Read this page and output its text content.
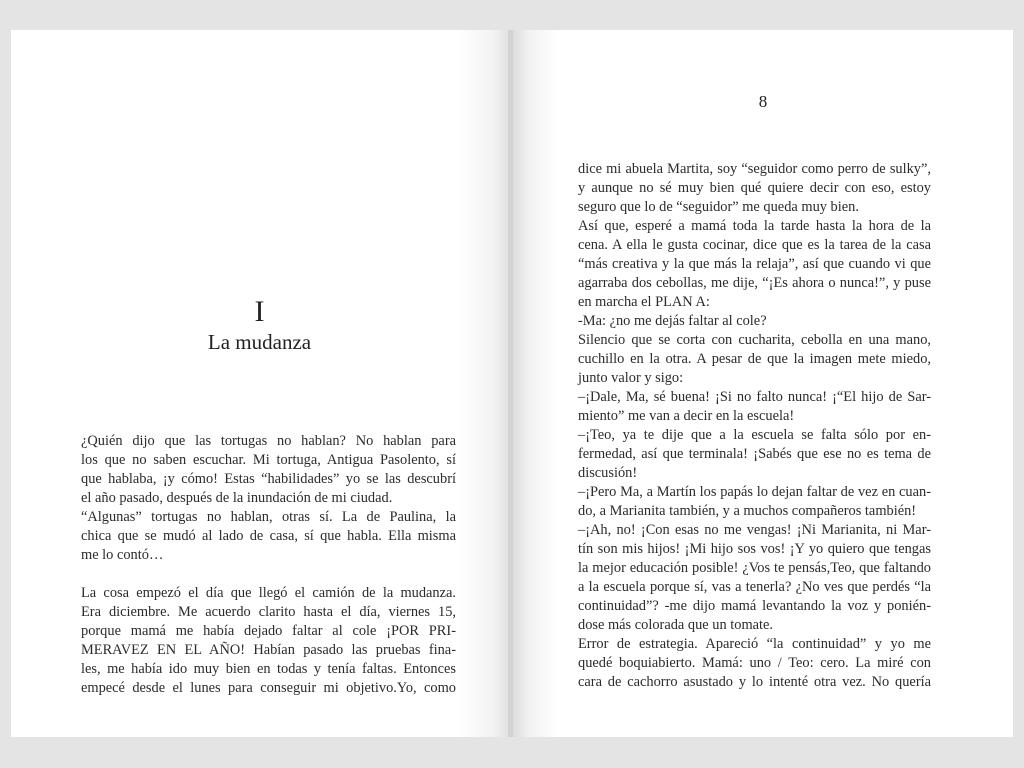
I
La mudanza

¿Quién dijo que las tortugas no hablan? No hablan para

los que no saben escuchar. Mi tortuga, Antigua Pasolento, sí

que hablaba, ¡y cómo! Estas “habilidades” yo se las descubrí

el año pasado, después de la inundación de mi ciudad.

“Algunas” tortugas no hablan, otras sí. La de Paulina, la

chica que se mudó al lado de casa, sí que habla. Ella misma

me lo contó…

La cosa empezó el día que llegó el camión de la mudanza.

Era diciembre. Me acuerdo clarito hasta el día, viernes 15,

porque mamá me había dejado faltar al cole ¡POR PRI-

MERAVEZ EN EL AÑO! Habían pasado las pruebas fina-

les, me había ido muy bien en todas y tenía faltas. Entonces

empecé desde el lunes para conseguir mi objetivo.Yo, como

8

dice mi abuela Martita, soy “seguidor como perro de sulky”,

y aunque no sé muy bien qué quiere decir con eso, estoy

seguro que lo de “seguidor” me queda muy bien.

Así que, esperé a mamá toda la tarde hasta la hora de la

cena. A ella le gusta cocinar, dice que es la tarea de la casa

“más creativa y la que más la relaja”, así que cuando vi que

agarraba dos cebollas, me dije, “¡Es ahora o nunca!”, y puse

en marcha el PLAN A:

-Ma: ¿no me dejás faltar al cole?

Silencio que se corta con cucharita, cebolla en una mano,

cuchillo en la otra. A pesar de que la imagen mete miedo,

junto valor y sigo:

–¡Dale, Ma, sé buena! ¡Si no falto nunca! ¡“El hijo de Sar-

miento” me van a decir en la escuela!

–¡Teo, ya te dije que a la escuela se falta sólo por en-

fermedad, así que terminala! ¡Sabés que ese no es tema de

discusión!

–¡Pero Ma, a Martín los papás lo dejan faltar de vez en cuan-

do, a Marianita también, y a muchos compañeros también!

–¡Ah, no! ¡Con esas no me vengas! ¡Ni Marianita, ni Mar-

tín son mis hijos! ¡Mi hijo sos vos! ¡Y yo quiero que tengas

la mejor educación posible! ¿Vos te pensás,Teo, que faltando

a la escuela porque sí, vas a tenerla? ¿No ves que perdés “la

continuidad”? -me dijo mamá levantando la voz y ponién-

dose más colorada que un tomate.

Error de estrategia. Apareció “la continuidad” y yo me

quedé boquiabierto. Mamá: uno / Teo: cero. La miré con

cara de cachorro asustado y lo intenté otra vez. No quería
